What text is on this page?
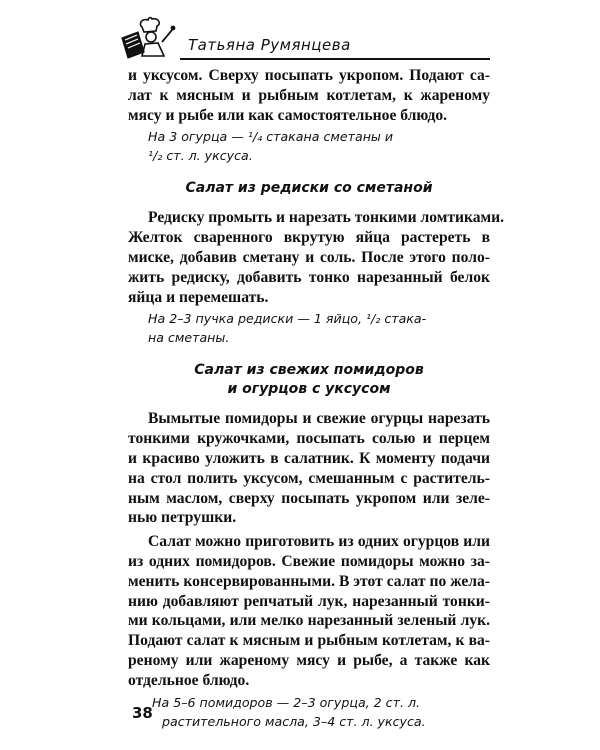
Татьяна Румянцева
и уксусом. Сверху посыпать укропом. Подают са-
лат к мясным и рыбным котлетам, к жареному
мясу и рыбе или как самостоятельное блюдо.
На 3 огурца — ¹/₄ стакана сметаны и
¹/₂ ст. л. уксуса.
Салат из редиски со сметаной
Редиску промыть и нарезать тонкими ломтиками.
Желток сваренного вкрутую яйца растереть в
миске, добавив сметану и соль. После этого поло-
жить редиску, добавить тонко нарезанный белок
яйца и перемешать.
На 2–3 пучка редиски — 1 яйцо, ¹/₂ стака-
на сметаны.
Салат из свежих помидоров
и огурцов с уксусом
Вымытые помидоры и свежие огурцы нарезать
тонкими кружочками, посыпать солью и перцем
и красиво уложить в салатник. К моменту подачи
на стол полить уксусом, смешанным с раститель-
ным маслом, сверху посыпать укропом или зеле-
нью петрушки.
Салат можно приготовить из одних огурцов или
из одних помидоров. Свежие помидоры можно за-
менить консервированными. В этот салат по жела-
нию добавляют репчатый лук, нарезанный тонки-
ми кольцами, или мелко нарезанный зеленый лук.
Подают салат к мясным и рыбным котлетам, к ва-
реному или жареному мясу и рыбе, а также как
отдельное блюдо.
На 5–6 помидоров — 2–3 огурца, 2 ст. л.
растительного масла, 3–4 ст. л. уксуса.
38
